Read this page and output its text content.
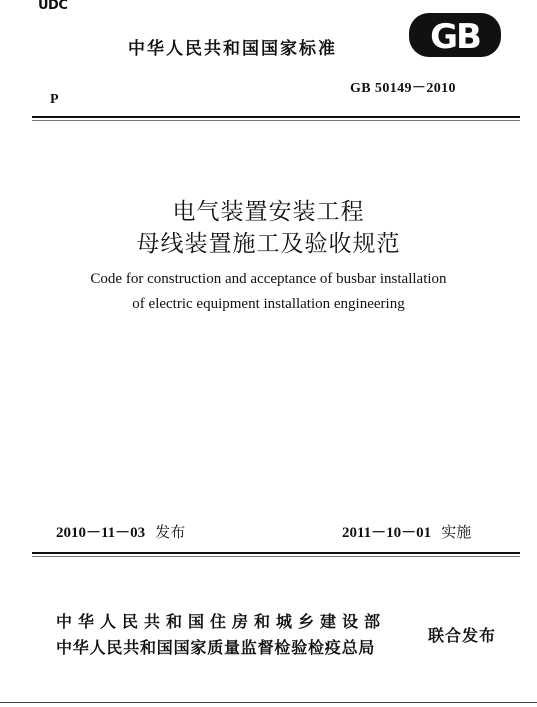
UDC
中华人民共和国国家标准	GB
P
GB 50149－2010
电气装置安装工程
母线装置施工及验收规范
Code for construction and acceptance of busbar installation
of electric equipment installation engineering
2010－11－03 发布	2011－10－01 实施
中华人民共和国住房和城乡建设部
中华人民共和国国家质量监督检验检疫总局
联合发布
